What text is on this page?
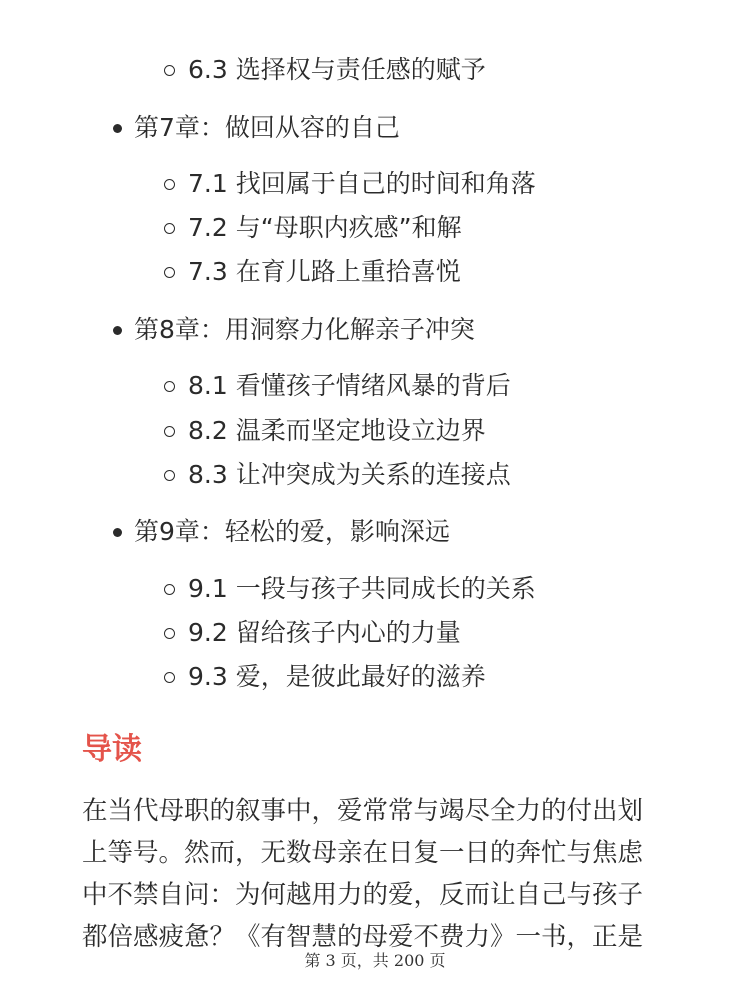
6.3 选择权与责任感的赋予
第7章：做回从容的自己
7.1 找回属于自己的时间和角落
7.2 与“母职内疚感”和解
7.3 在育儿路上重拾喜悦
第8章：用洞察力化解亲子冲突
8.1 看懂孩子情绪风暴的背后
8.2 温柔而坚定地设立边界
8.3 让冲突成为关系的连接点
第9章：轻松的爱，影响深远
9.1 一段与孩子共同成长的关系
9.2 留给孩子内心的力量
9.3 爱，是彼此最好的滋养
导读
在当代母职的叙事中，爱常常与竭尽全力的付出划
上等号。然而，无数母亲在日复一日的奔忙与焦虑
中不禁自问：为何越用力的爱，反而让自己与孩子
都倍感疲惫？《有智慧的母爱不费力》一书，正是
第 3 页，共 200 页
